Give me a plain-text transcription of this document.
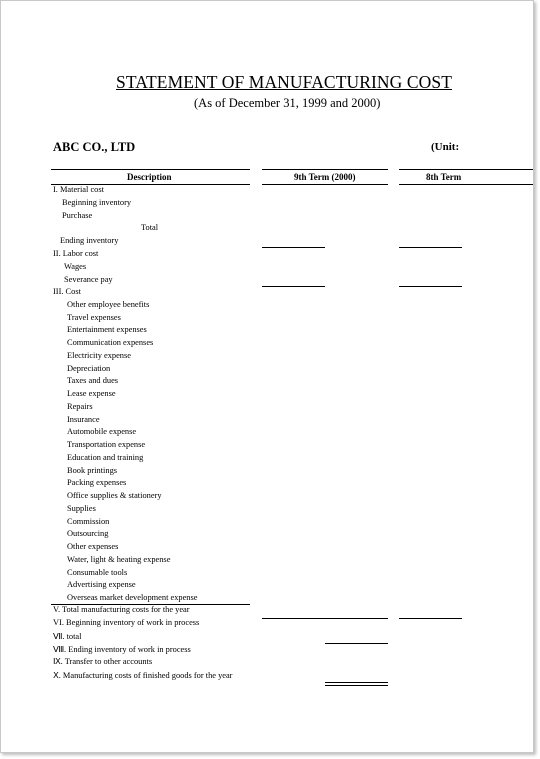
STATEMENT OF MANUFACTURING COST
(As of December 31, 1999 and 2000)
ABC CO., LTD	(Unit:
Description	9th Term (2000)	8th Term
I. Material cost
Beginning inventory
Purchase
Total
Ending inventory
II. Labor cost
Wages
Severance pay
III. Cost
Other employee benefits
Travel expenses
Entertainment expenses
Communication expenses
Electricity expense
Depreciation
Taxes and dues
Lease expense
Repairs
Insurance
Automobile expense
Transportation expense
Education and training
Book printings
Packing expenses
Office supplies & stationery
Supplies
Commission
Outsourcing
Other expenses
Water, light & heating expense
Consumable tools
Advertising expense
Overseas market development expense
V. Total manufacturing costs for the year
VI. Beginning inventory of work in process
Ⅶ. total
Ⅷ. Ending inventory of work in process
Ⅸ. Transfer to other accounts
Ⅹ. Manufacturing costs of finished goods for the year
